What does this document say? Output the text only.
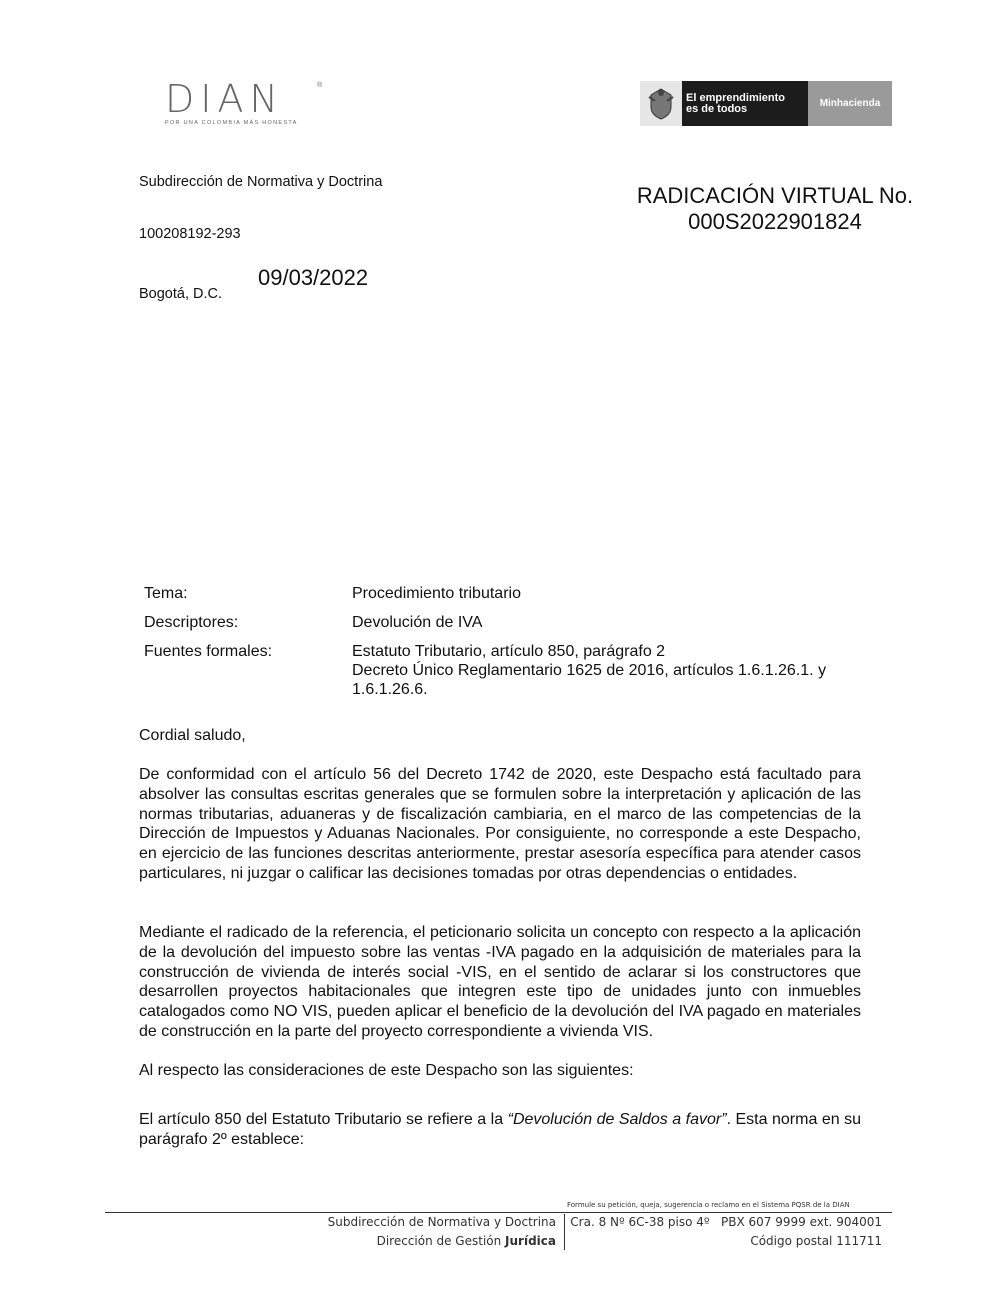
DIAN	®
POR UNA COLOMBIA MÁS HONESTA
El emprendimiento
es de todos	Minhacienda
Subdirección de Normativa y Doctrina
100208192-293
Bogotá, D.C.
09/03/2022
RADICACIÓN VIRTUAL No.
000S2022901824
Tema:	Procedimiento tributario
Descriptores:	Devolución de IVA
Fuentes formales:	Estatuto Tributario, artículo 850, parágrafo 2
Decreto Único Reglamentario 1625 de 2016, artículos 1.6.1.26.1. y 1.6.1.26.6.
Cordial saludo,
De conformidad con el artículo 56 del Decreto 1742 de 2020, este Despacho está facultado para absolver las consultas escritas generales que se formulen sobre la interpretación y aplicación de las normas tributarias, aduaneras y de fiscalización cambiaria, en el marco de las competencias de la Dirección de Impuestos y Aduanas Nacionales. Por consiguiente, no corresponde a este Despacho, en ejercicio de las funciones descritas anteriormente, prestar asesoría específica para atender casos particulares, ni juzgar o calificar las decisiones tomadas por otras dependencias o entidades.
Mediante el radicado de la referencia, el peticionario solicita un concepto con respecto a la aplicación de la devolución del impuesto sobre las ventas -IVA pagado en la adquisición de materiales para la construcción de vivienda de interés social -VIS, en el sentido de aclarar si los constructores que desarrollen proyectos habitacionales que integren este tipo de unidades junto con inmuebles catalogados como NO VIS, pueden aplicar el beneficio de la devolución del IVA pagado en materiales de construcción en la parte del proyecto correspondiente a vivienda VIS.
Al respecto las consideraciones de este Despacho son las siguientes:
El artículo 850 del Estatuto Tributario se refiere a la “Devolución de Saldos a favor”. Esta norma en su parágrafo 2º establece:
Formule su petición, queja, sugerencia o reclamo en el Sistema PQSR de la DIAN
Subdirección de Normativa y Doctrina
Dirección de Gestión Jurídica
Cra. 8 Nº 6C-38 piso 4º   PBX 607 9999 ext. 904001
Código postal 111711
